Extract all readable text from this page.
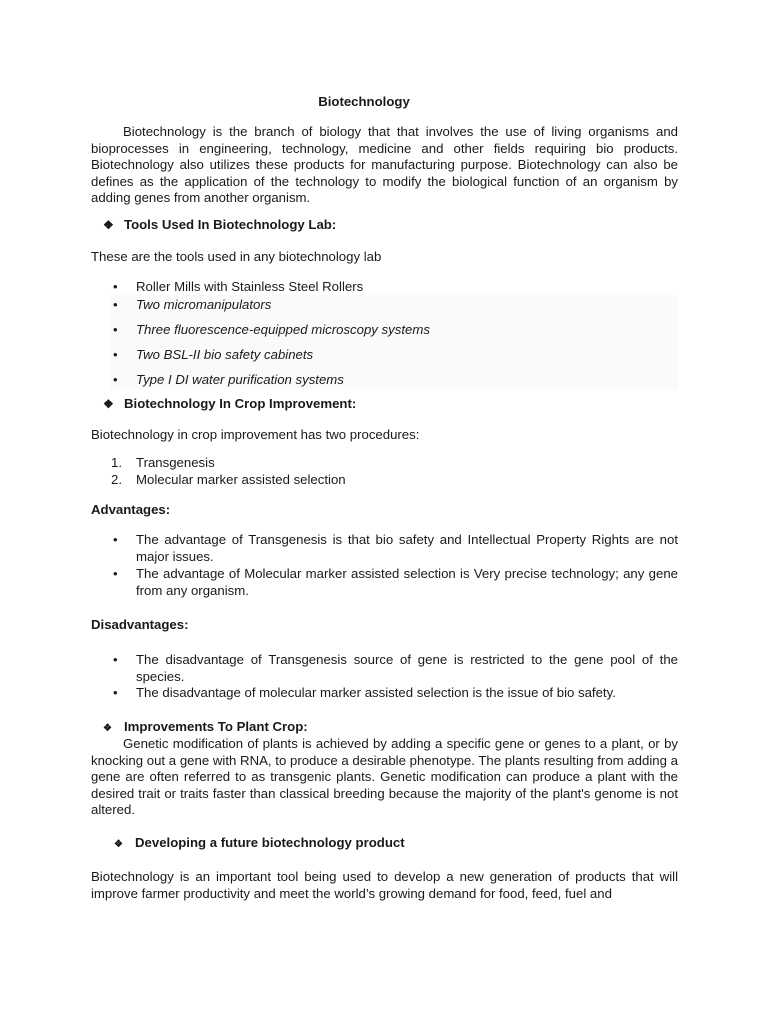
Biotechnology
Biotechnology is the branch of biology that that involves the use of living organisms and bioprocesses in engineering, technology, medicine and other fields requiring bio products. Biotechnology also utilizes these products for manufacturing purpose. Biotechnology can also be defines as the application of the technology to modify the biological function of an organism by adding genes from another organism.
❖ Tools Used In Biotechnology Lab:
These are the tools used in any biotechnology lab
•
Roller Mills with Stainless Steel Rollers
•
Two micromanipulators
•
Three fluorescence-equipped microscopy systems
•
Two BSL-II bio safety cabinets
•
Type I DI water purification systems
❖ Biotechnology In Crop Improvement:
Biotechnology in crop improvement has two procedures:
1.	Transgenesis
2.	Molecular marker assisted selection
Advantages:
•
The advantage of Transgenesis is that bio safety and Intellectual Property Rights are not major issues.
•
The advantage of Molecular marker assisted selection is Very precise technology; any gene from any organism.
Disadvantages:
•
The disadvantage of Transgenesis source of gene is restricted to the gene pool of the species.
•
The disadvantage of molecular marker assisted selection is the issue of bio safety.
❖ Improvements To Plant Crop:
Genetic modification of plants is achieved by adding a specific gene or genes to a plant, or by knocking out a gene with RNA, to produce a desirable phenotype. The plants resulting from adding a gene are often referred to as transgenic plants. Genetic modification can produce a plant with the desired trait or traits faster than classical breeding because the majority of the plant's genome is not altered.
❖ Developing a future biotechnology product
Biotechnology is an important tool being used to develop a new generation of products that will improve farmer productivity and meet the world’s growing demand for food, feed, fuel and
